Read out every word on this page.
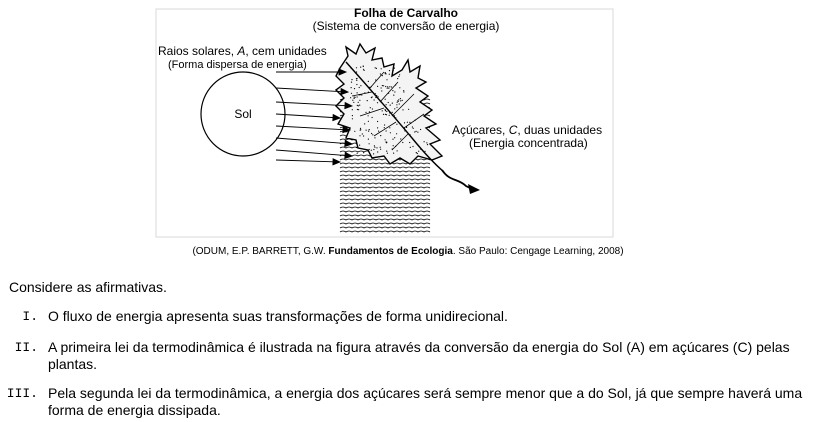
Folha de Carvalho
(Sistema de conversão de energia)
Sol
Raios solares, A, cem unidades
(Forma dispersa de energia)
Açúcares, C, duas unidades
(Energia concentrada)
(ODUM, E.P. BARRETT, G.W. Fundamentos de Ecologia. São Paulo: Cengage Learning, 2008)
Considere as afirmativas.
I. O fluxo de energia apresenta suas transformações de forma unidirecional.
II. A primeira lei da termodinâmica é ilustrada na figura através da conversão da energia do Sol (A) em açúcares (C) pelas
plantas.
III. Pela segunda lei da termodinâmica, a energia dos açúcares será sempre menor que a do Sol, já que sempre haverá uma
forma de energia dissipada.
